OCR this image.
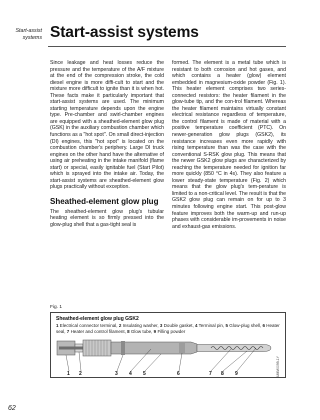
Start-assist systems Start-assist systems

Since leakage and heat losses reduce the pressure and the temperature of the A/F mixture at the end of the compression stroke, the cold diesel engine is more diffi-cult to start and the mixture more difficult to ignite than it is when hot. These facts make it particularly important that start-assist systems are used. The minimum starting temperature depends upon the engine type. Pre-chamber and swirl-chamber engines are equipped with a sheathed-element glow plug (GSK) in the auxiliary combustion chamber which functions as a "hot spot". On small direct-injection (DI) engines, this "hot spot" is located on the combustion chamber's periphery. Large DI truck engines on the other hand have the alternative of using air preheating in the intake manifold (flame start) or special, easily ignitable fuel (Start Pilot) which is sprayed into the intake air. Today, the start-assist systems are sheathed-element glow plugs practically without exception.

Sheathed-element glow plug

The sheathed-element glow plug's tubular heating element is so firmly pressed into the glow-plug shell that a gas-tight seal is

formed. The element is a metal tube which is resistant to both corrosion and hot gases, and which contains a heater (glow) element embedded in magnesium-oxide powder (Fig. 1). This heater element comprises two series-connected resistors: the heater filament in the glow-tube tip, and the con-trol filament. Whereas the heater filament maintains virtually constant electrical resistance regardless of temperature, the control filament is made of material with a positive temperature coefficient (PTC). On newer-generation glow plugs (GSK2), its resistance increases even more rapidly with rising temperature than was the case with the conventional S-RSK glow plug. This means that the newer GSK2 glow plugs are characterized by reaching the temperature needed for ignition far more quickly (850 °C in 4s). They also feature a lower steady-state temperature (Fig. 2) which means that the glow plug's tem-perature is limited to a non-critical level. The result is that the GSK2 glow plug can remain on for up to 3 minutes following engine start. This post-glow feature improves both the warm-up and run-up phases with considerable im-provements in noise and exhaust-gas emissions.

Fig. 1
Sheathed-element glow plug GSK2
1 Electrical connector terminal, 2 Insulating washer, 3 Double gasket, 4 Terminal pin, 5 Glow-plug shell, 6 Heater seal, 7 Heater and control filament, 8 Glow tube, 9 Filling powder
1 2	3 4 5	6	7 8 9	UMM0099-1Y
62
